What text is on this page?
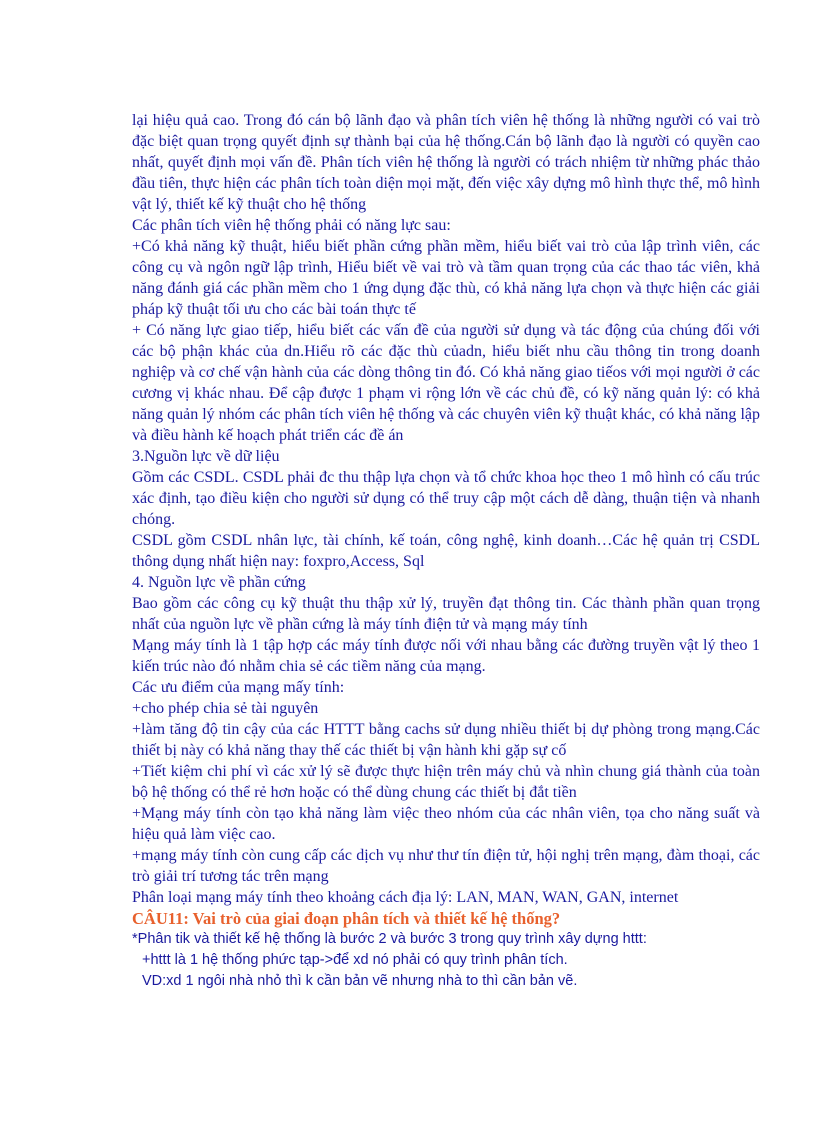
lại hiệu quả cao. Trong đó cán bộ lãnh đạo và phân tích viên hệ thống là những người có vai trò đặc biệt quan trọng quyết định sự thành bại của hệ thống.Cán bộ lãnh đạo là người có quyền cao nhất, quyết định mọi vấn đề. Phân tích viên hệ thống là người có trách nhiệm từ những phác thảo đầu tiên, thực hiện các phân tích toàn diện mọi mặt, đến việc xây dựng mô hình thực thể, mô hình vật lý, thiết kế kỹ thuật cho hệ thống

Các phân tích viên hệ thống phải có năng lực sau:

+Có khả năng kỹ thuật, hiểu biết phần cứng phần mềm, hiểu biết vai trò của lập trình viên, các công cụ và ngôn ngữ lập trình, Hiểu biết về vai trò và tầm quan trọng của các thao tác viên, khả năng đánh giá các phần mềm cho 1 ứng dụng đặc thù, có khả năng lựa chọn và thực hiện các giải pháp kỹ thuật tối ưu cho các bài toán thực tế

+ Có năng lực giao tiếp, hiểu biết các vấn đề của người sử dụng và tác động của chúng đối với các bộ phận khác của dn.Hiểu rõ các đặc thù củadn, hiểu biết nhu cầu thông tin trong doanh nghiệp và cơ chế vận hành của các dòng thông tin đó. Có khả năng giao tiếos với mọi người ở các cương vị khác nhau. Để cập được 1 phạm vi rộng lớn về các chủ đề, có kỹ năng quản lý: có khả năng quản lý nhóm các phân tích viên hệ thống và các chuyên viên kỹ thuật khác, có khả năng lập và điều hành kế hoạch phát triển các đề án

3.Nguồn lực về dữ liệu

Gồm các CSDL. CSDL phải đc thu thập lựa chọn và tổ chức khoa học theo 1 mô hình có cấu trúc xác định, tạo điều kiện cho người sử dụng có thể truy cập một cách dễ dàng, thuận tiện và nhanh chóng.

CSDL gồm CSDL nhân lực, tài chính, kế toán, công nghệ, kinh doanh…Các hệ quản trị CSDL thông dụng nhất hiện nay: foxpro,Access, Sql

4. Nguồn lực về phần cứng

Bao gồm các công cụ kỹ thuật thu thập xử lý, truyền đạt thông tin. Các thành phần quan trọng nhất của nguồn lực về phần cứng là máy tính điện tử và mạng máy tính

Mạng máy tính là 1 tập hợp các máy tính được nối với nhau bằng các đường truyền vật lý theo 1 kiến trúc nào đó nhằm chia sẻ các tiềm năng của mạng.

Các ưu điểm của mạng mấy tính:

+cho phép chia sẻ tài nguyên

+làm tăng độ tin cậy của các HTTT bằng cachs sử dụng nhiều thiết bị dự phòng trong mạng.Các thiết bị này có khả năng thay thế các thiết bị vận hành khi gặp sự cố

+Tiết kiệm chi phí vì các xử lý sẽ được thực hiện trên máy chủ và nhìn chung giá thành của toàn bộ hệ thống có thể rẻ hơn hoặc có thể dùng chung các thiết bị đắt tiền

+Mạng máy tính còn tạo khả năng làm việc theo nhóm của các nhân viên, tọa cho năng suất và hiệu quả làm việc cao.

+mạng máy tính còn cung cấp các dịch vụ như thư tín điện tử, hội nghị trên mạng, đàm thoại, các trò giải trí tương tác trên mạng

Phân loại mạng máy tính theo khoảng cách địa lý: LAN, MAN, WAN, GAN, internet

CÂU11: Vai trò của giai đoạn phân tích và thiết kế hệ thống?

*Phân tik và thiết kế hệ thống là bước 2 và bước 3 trong quy trình xây dựng httt:

+httt là 1 hệ thống phức tạp->để xd nó phải có quy trình phân tích.

VD:xd 1 ngôi nhà nhỏ thì k cần bản vẽ nhưng nhà to thì cần bản vẽ.
